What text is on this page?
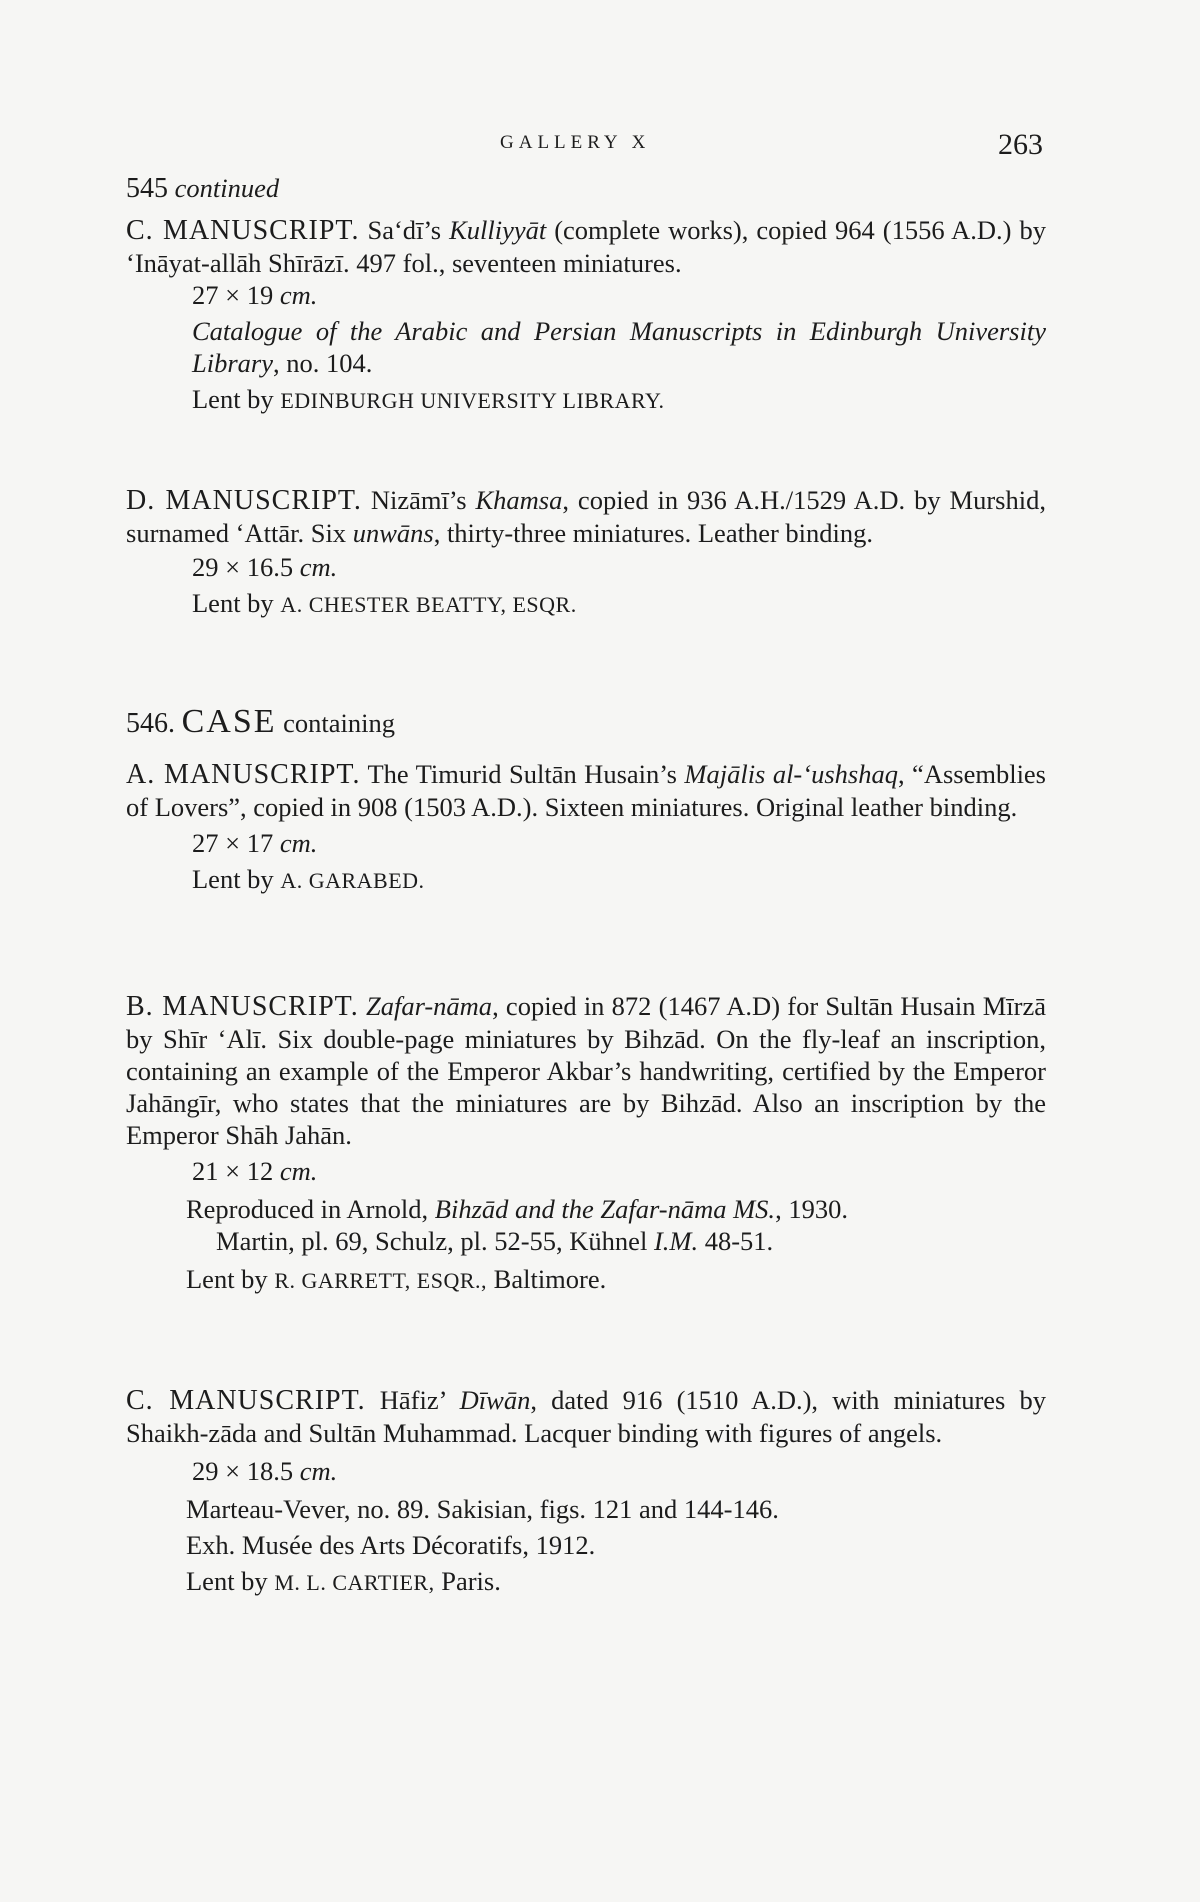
GALLERY X	263
545 continued

C. MANUSCRIPT. Sa‘dī’s Kulliyyāt (complete works), copied 964 (1556 A.D.) by ‘Ināyat-allāh Shīrāzī. 497 fol., seventeen miniatures.

27 × 19 cm.

Catalogue of the Arabic and Persian Manuscripts in Edinburgh University Library, no. 104.

Lent by EDINBURGH UNIVERSITY LIBRARY.

D. MANUSCRIPT. Nizāmī’s Khamsa, copied in 936 A.H./1529 A.D. by Murshid, surnamed ‘Attār. Six unwāns, thirty-three miniatures. Leather binding.

29 × 16.5 cm.

Lent by A. CHESTER BEATTY, ESQR.

546. CASE containing

A. MANUSCRIPT. The Timurid Sultān Husain’s Majālis al-‘ushshaq, “Assemblies of Lovers”, copied in 908 (1503 A.D.). Sixteen miniatures. Original leather binding.

27 × 17 cm.

Lent by A. GARABED.

B. MANUSCRIPT. Zafar-nāma, copied in 872 (1467 A.D) for Sultān Husain Mīrzā by Shīr ‘Alī. Six double-page miniatures by Bihzād. On the fly-leaf an inscription, containing an example of the Emperor Akbar’s handwriting, certified by the Emperor Jahāngīr, who states that the miniatures are by Bihzād. Also an inscription by the Emperor Shāh Jahān.

21 × 12 cm.

Reproduced in Arnold, Bihzād and the Zafar-nāma MS., 1930.

Martin, pl. 69, Schulz, pl. 52-55, Kühnel I.M. 48-51.

Lent by R. GARRETT, ESQR., Baltimore.

C. MANUSCRIPT. Hāfiz’ Dīwān, dated 916 (1510 A.D.), with miniatures by Shaikh-zāda and Sultān Muhammad. Lacquer binding with figures of angels.

29 × 18.5 cm.

Marteau-Vever, no. 89. Sakisian, figs. 121 and 144-146.

Exh. Musée des Arts Décoratifs, 1912.

Lent by M. L. CARTIER, Paris.
